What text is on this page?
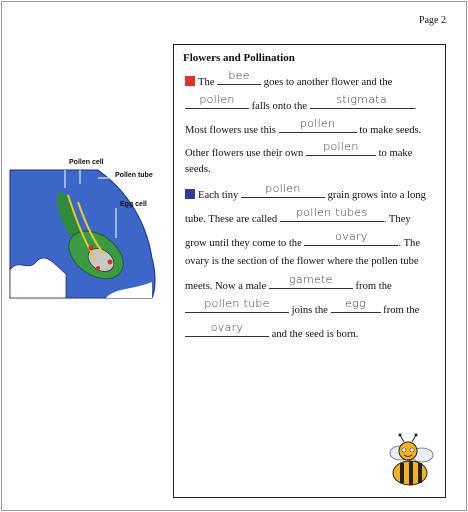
Page 2
Flowers and Pollination
The
bee
goes to another flower and the
pollen
falls onto the
stigmata
.
Most flowers use this
pollen
to make seeds.
Other flowers use their own
pollen
to make
seeds.
Each tiny
pollen
grain grows into a long
tube. These are called
pollen tubes
. They
grow until they come to the
ovary
. The
ovary is the section of the flower where the pollen tube
meets. Now a male
gamete
from the
pollen tube
joins the
egg
from the
ovary
and the seed is born.
Pollen cell
Pollen tube
Egg cell
